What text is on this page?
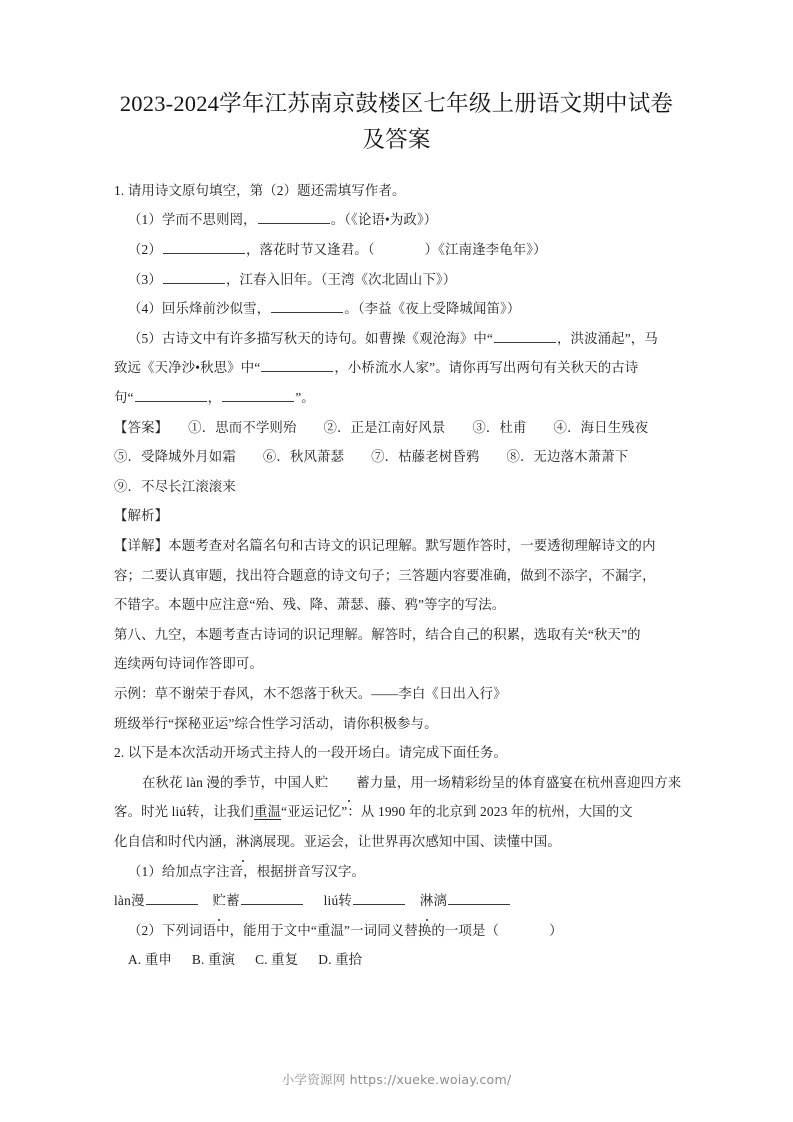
2023-2024学年江苏南京鼓楼区七年级上册语文期中试卷及答案

1. 请用诗文原句填空，第（2）题还需填写作者。

（1）学而不思则罔，	。（《论语•为政》）

（2）	，落花时节又逢君。（	）《江南逢李龟年》）

（3）	，江春入旧年。（王湾《次北固山下》）

（4）回乐烽前沙似雪，	。（李益《夜上受降城闻笛》）

（5）古诗文中有许多描写秋天的诗句。如曹操《观沧海》中“	，洪波涌起”，马

致远《天净沙•秋思》中“	，小桥流水人家”。请你再写出两句有关秋天的古诗

句“	，	”。

【答案】 ①．思而不学则殆 ②．正是江南好风景 ③．杜甫 ④．海日生残夜

⑤．受降城外月如霜 ⑥．秋风萧瑟 ⑦．枯藤老树昏鸦 ⑧．无边落木萧萧下

⑨．不尽长江滚滚来

【解析】

【详解】本题考查对名篇名句和古诗文的识记理解。默写题作答时，一要透彻理解诗文的内

容；二要认真审题，找出符合题意的诗文句子；三答题内容要准确，做到不添字，不漏字，

不错字。本题中应注意“殆、残、降、萧瑟、藤、鸦”等字的写法。

第八、九空，本题考查古诗词的识记理解。解答时，结合自己的积累，选取有关“秋天”的

连续两句诗词作答即可。

示例：草不谢荣于春风，木不怨落于秋天。——李白《日出入行》

班级举行“探秘亚运”综合性学习活动，请你积极参与。

2. 以下是本次活动开场式主持人的一段开场白。请完成下面任务。

在秋花 làn 漫的季节，中国人贮 蓄力量，用一场精彩纷呈的体育盛宴在杭州喜迎四方来

客。时光 liú转，让我们重温“亚运记忆”：从 1990 年的北京到 2023 年的杭州，大国的文

化自信和时代内涵，淋漓展现。亚运会，让世界再次感知中国、读懂中国。

（1）给加点字注音，根据拼音写汉字。

làn漫	贮蓄	liú转	淋漓

（2）下列词语中，能用于文中“重温”一词同义替换的一项是（	）

A. 重申 B. 重演 C. 重复 D. 重拾

小学资源网 https://xueke.woiay.com/
